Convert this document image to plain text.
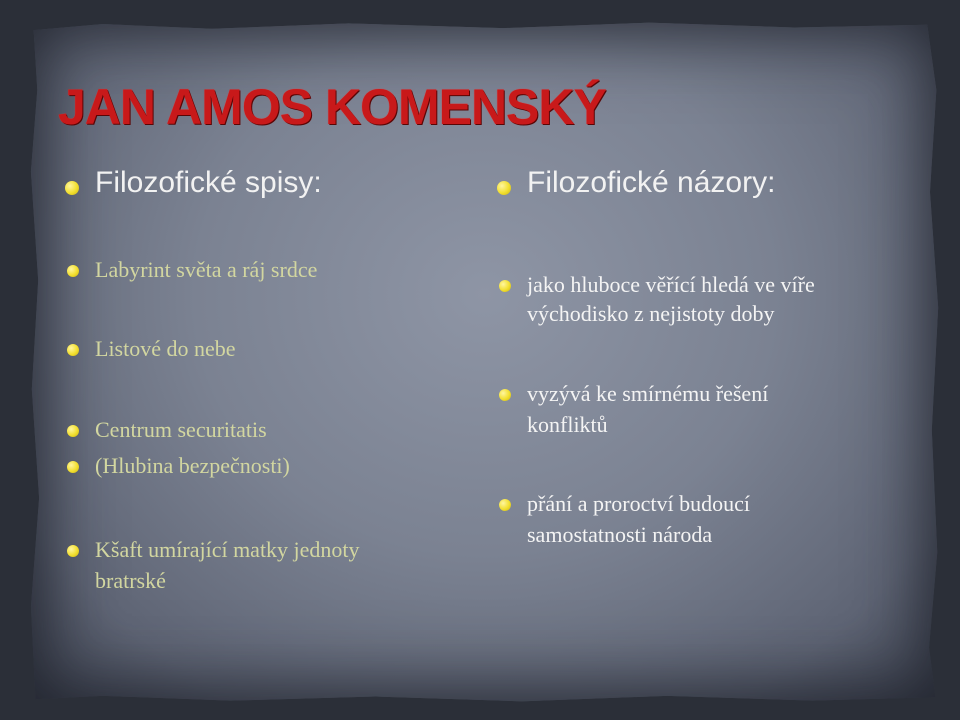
JAN AMOS KOMENSKÝ
Filozofické spisy:	Filozofické názory:

Labyrint světa a ráj srdce

Listové do nebe

Centrum securitatis

(Hlubina bezpečnosti)

Kšaft umírající matky jednoty

bratrské

jako hluboce věřící hledá ve víře

východisko z nejistoty doby

vyzývá ke smírnému řešení

konfliktů

přání a proroctví budoucí

samostatnosti národa
